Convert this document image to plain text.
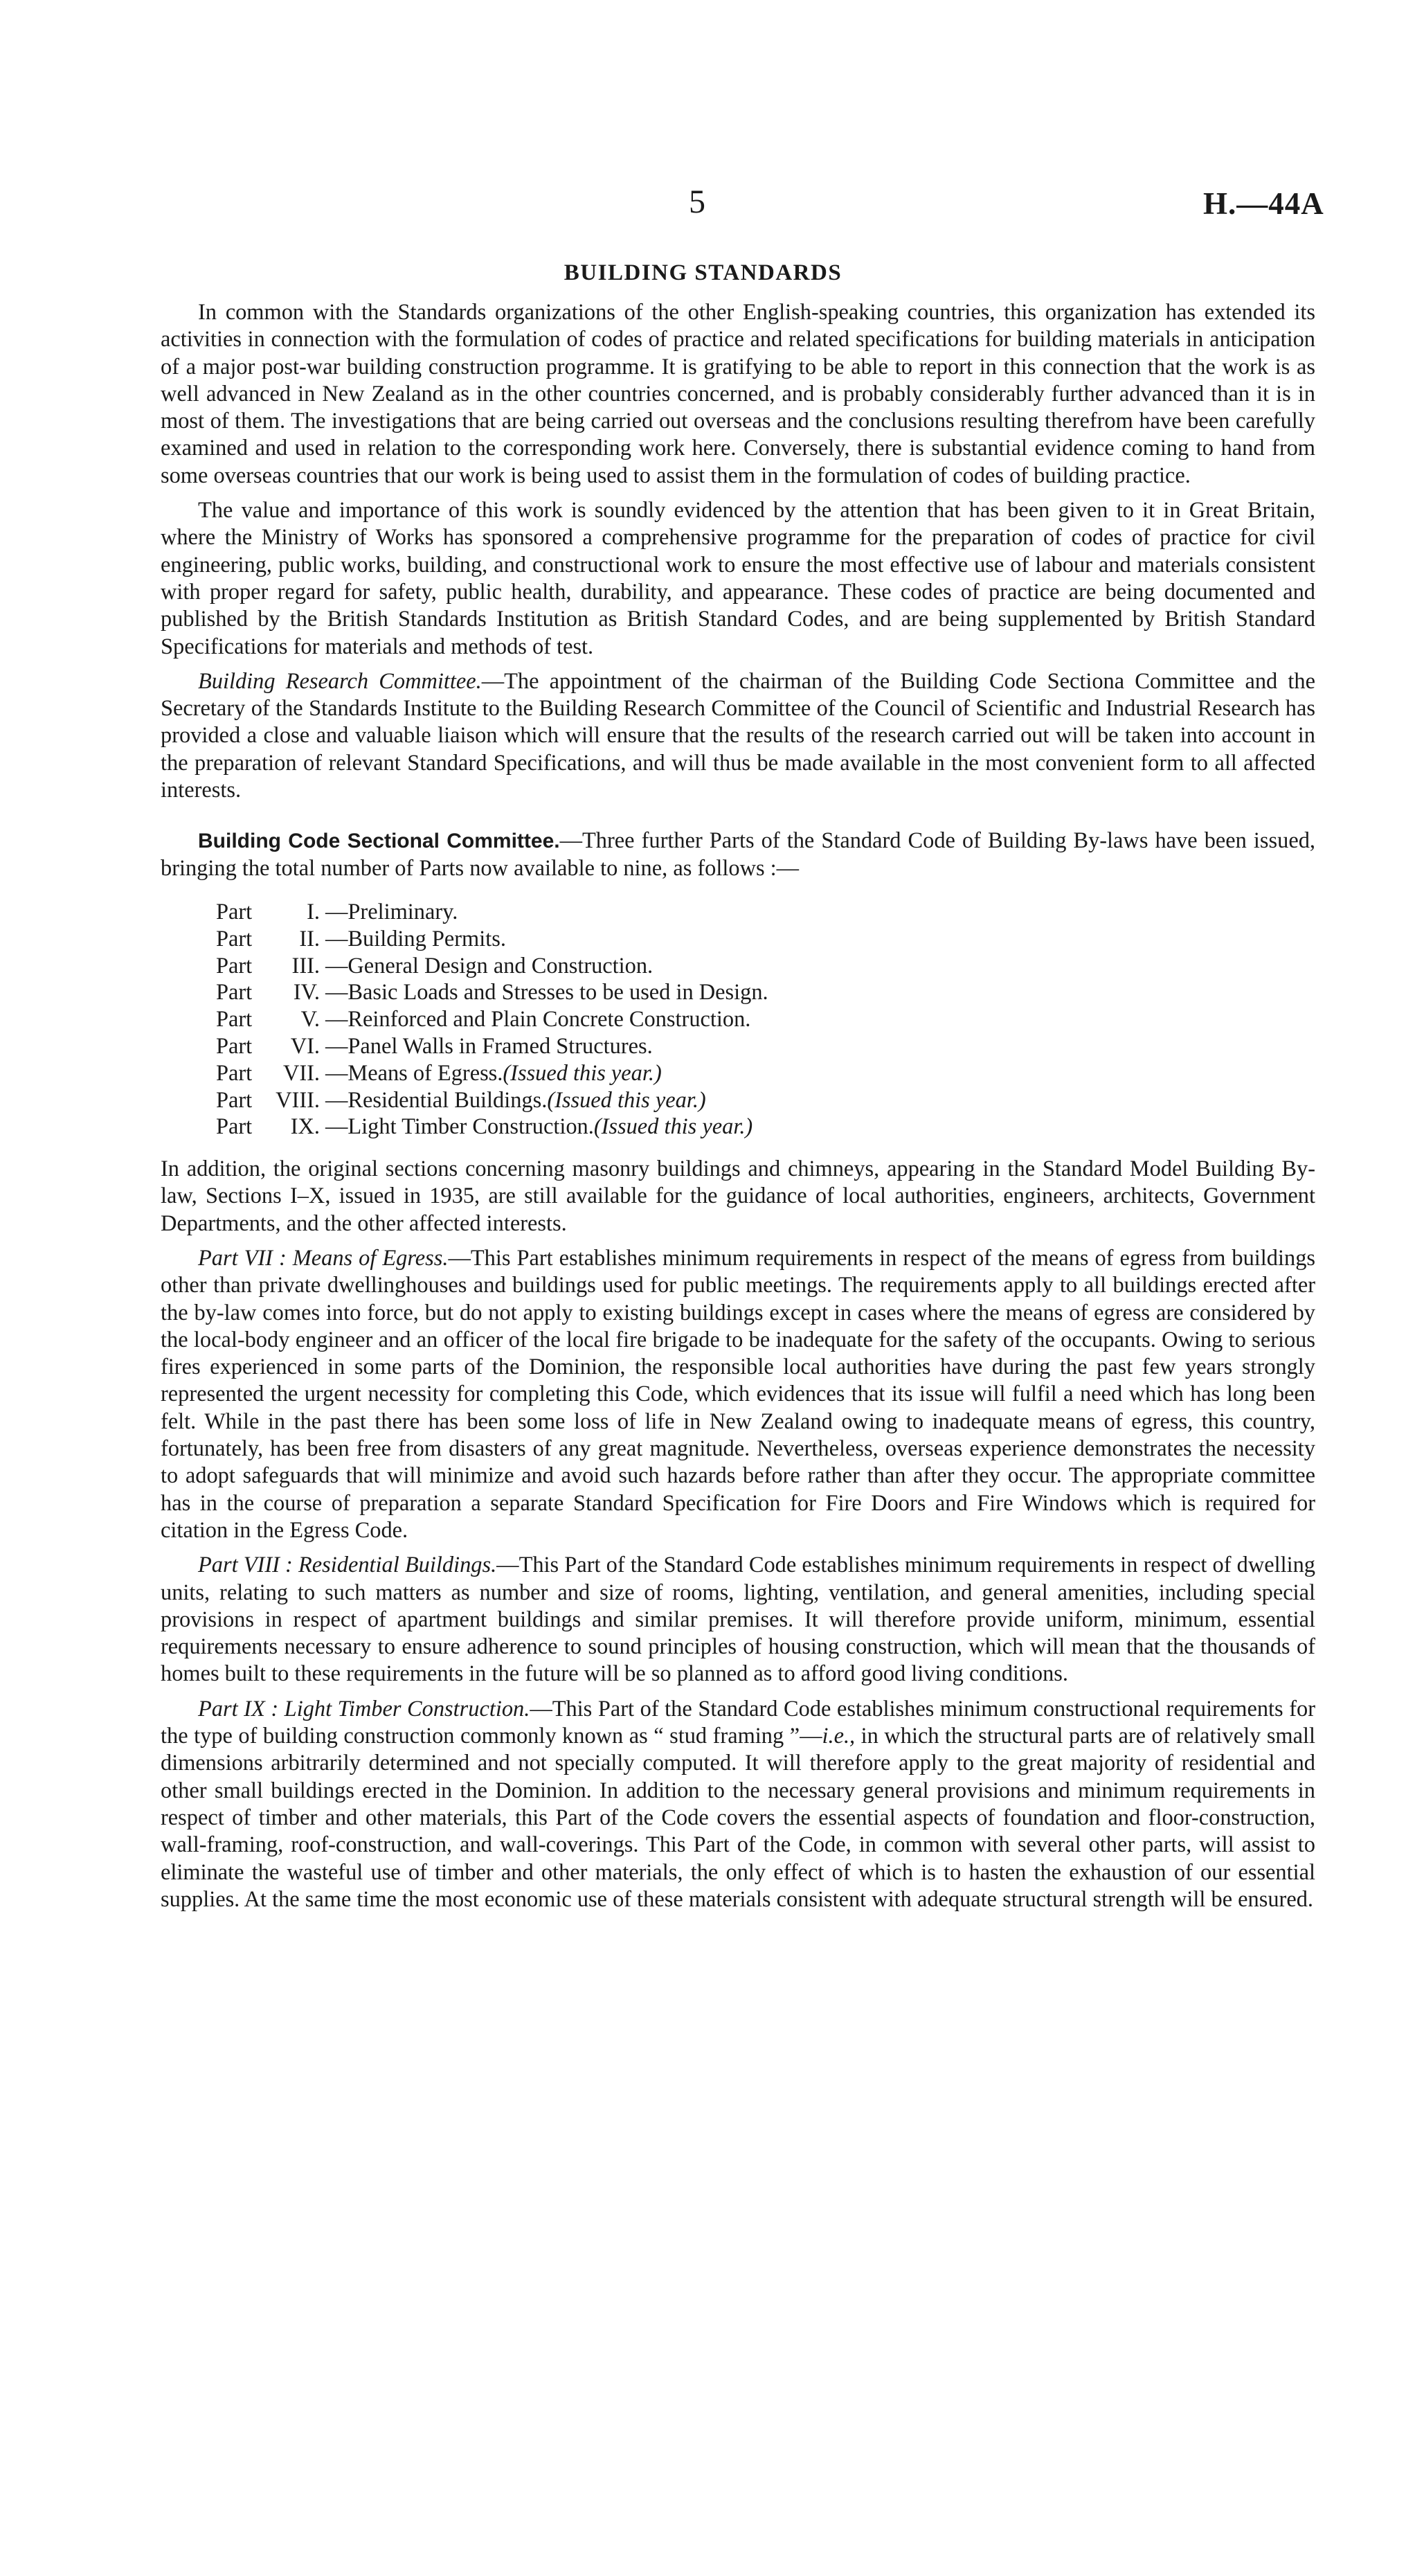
5	H.—44A
BUILDING STANDARDS

In common with the Standards organizations of the other English-speaking countries, this organization has extended its activities in connection with the formulation of codes of practice and related specifications for building materials in anticipation of a major post-war building construction programme. It is gratifying to be able to report in this connection that the work is as well advanced in New Zealand as in the other countries concerned, and is probably considerably further advanced than it is in most of them. The investigations that are being carried out overseas and the conclusions resulting therefrom have been carefully examined and used in relation to the corresponding work here. Conversely, there is substantial evidence coming to hand from some overseas countries that our work is being used to assist them in the formulation of codes of building practice.

The value and importance of this work is soundly evidenced by the attention that has been given to it in Great Britain, where the Ministry of Works has sponsored a comprehensive programme for the preparation of codes of practice for civil engineering, public works, building, and constructional work to ensure the most effective use of labour and materials consistent with proper regard for safety, public health, durability, and appearance. These codes of practice are being documented and published by the British Standards Institution as British Standard Codes, and are being supplemented by British Standard Specifications for materials and methods of test.

Building Research Committee.—The appointment of the chairman of the Building Code Sectiona Committee and the Secretary of the Standards Institute to the Building Research Committee of the Council of Scientific and Industrial Research has provided a close and valuable liaison which will ensure that the results of the research carried out will be taken into account in the preparation of relevant Standard Specifications, and will thus be made available in the most convenient form to all affected interests.

Building Code Sectional Committee.—Three further Parts of the Standard Code of Building By-laws have been issued, bringing the total number of Parts now available to nine, as follows :—

Part	I. —Preliminary.
Part	II. —Building Permits.
Part	III. —General Design and Construction.
Part	IV. —Basic Loads and Stresses to be used in Design.
Part	V. —Reinforced and Plain Concrete Construction.
Part	VI. —Panel Walls in Framed Structures.
Part	VII. —Means of Egress. (Issued this year.)
Part	VIII. —Residential Buildings. (Issued this year.)
Part	IX. —Light Timber Construction. (Issued this year.)

In addition, the original sections concerning masonry buildings and chimneys, appearing in the Standard Model Building By-law, Sections I–X, issued in 1935, are still available for the guidance of local authorities, engineers, architects, Government Departments, and the other affected interests.

Part VII : Means of Egress.—This Part establishes minimum requirements in respect of the means of egress from buildings other than private dwellinghouses and buildings used for public meetings. The requirements apply to all buildings erected after the by-law comes into force, but do not apply to existing buildings except in cases where the means of egress are considered by the local-body engineer and an officer of the local fire brigade to be inadequate for the safety of the occupants. Owing to serious fires experienced in some parts of the Dominion, the responsible local authorities have during the past few years strongly represented the urgent necessity for completing this Code, which evidences that its issue will fulfil a need which has long been felt. While in the past there has been some loss of life in New Zealand owing to inadequate means of egress, this country, fortunately, has been free from disasters of any great magnitude. Nevertheless, overseas experience demonstrates the necessity to adopt safeguards that will minimize and avoid such hazards before rather than after they occur. The appropriate committee has in the course of preparation a separate Standard Specification for Fire Doors and Fire Windows which is required for citation in the Egress Code.

Part VIII : Residential Buildings.—This Part of the Standard Code establishes minimum requirements in respect of dwelling units, relating to such matters as number and size of rooms, lighting, ventilation, and general amenities, including special provisions in respect of apartment buildings and similar premises. It will therefore provide uniform, minimum, essential requirements necessary to ensure adherence to sound principles of housing construction, which will mean that the thousands of homes built to these requirements in the future will be so planned as to afford good living conditions.

Part IX : Light Timber Construction.—This Part of the Standard Code establishes minimum constructional requirements for the type of building construction commonly known as “ stud framing ”—i.e., in which the structural parts are of relatively small dimensions arbitrarily determined and not specially computed. It will therefore apply to the great majority of residential and other small buildings erected in the Dominion. In addition to the necessary general provisions and minimum requirements in respect of timber and other materials, this Part of the Code covers the essential aspects of foundation and floor-construction, wall-framing, roof-construction, and wall-coverings. This Part of the Code, in common with several other parts, will assist to eliminate the wasteful use of timber and other materials, the only effect of which is to hasten the exhaustion of our essential supplies. At the same time the most economic use of these materials consistent with adequate structural strength will be ensured.
